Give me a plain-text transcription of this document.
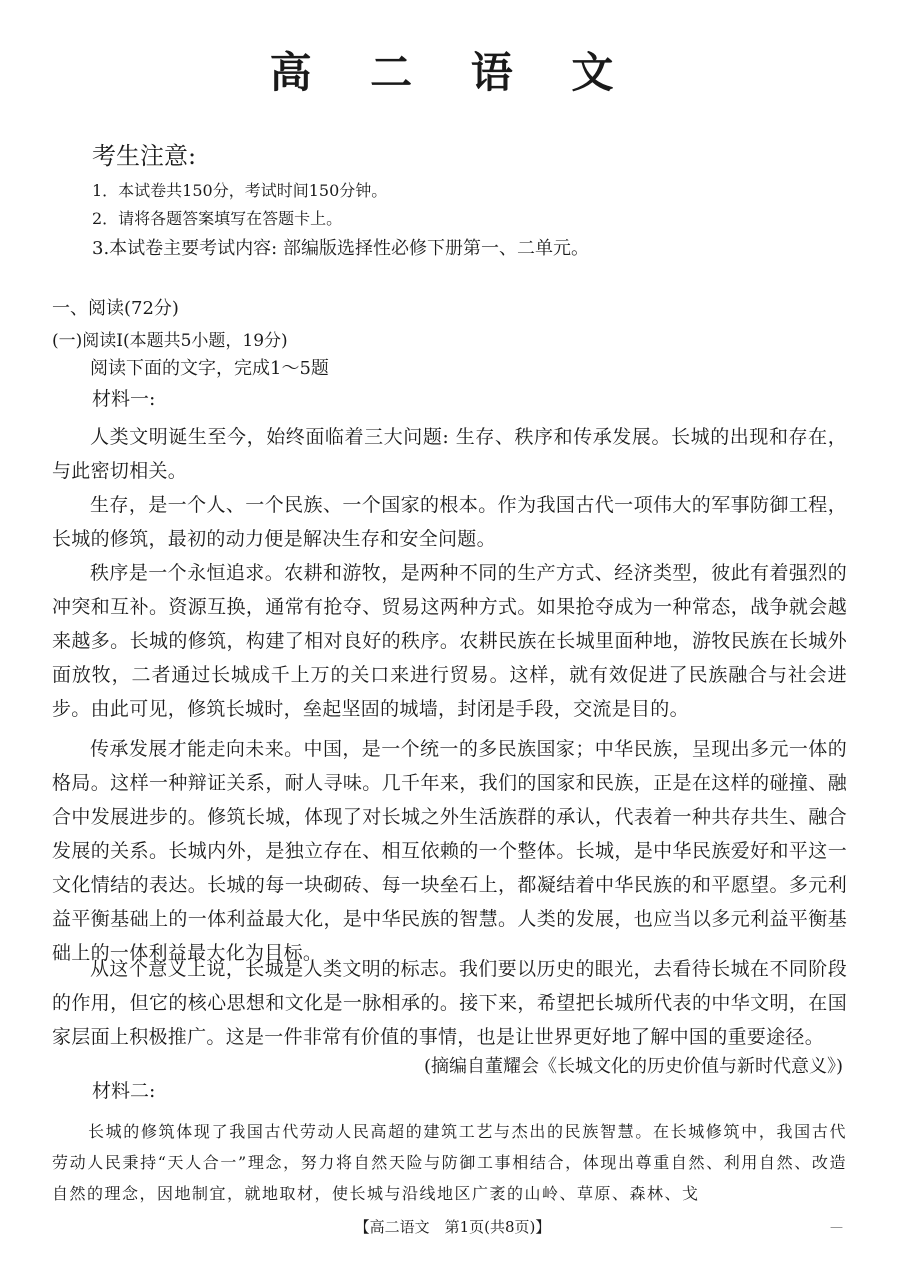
高 二 语 文
考生注意:
1．本试卷共150分，考试时间150分钟。
2．请将各题答案填写在答题卡上。
3.本试卷主要考试内容: 部编版选择性必修下册第一、二单元。
一、阅读(72分)
(一)阅读I(本题共5小题，19分)
阅读下面的文字，完成1～5题
材料一:
人类文明诞生至今，始终面临着三大问题: 生存、秩序和传承发展。长城的出现和存在，与此密切相关。
生存，是一个人、一个民族、一个国家的根本。作为我国古代一项伟大的军事防御工程，长城的修筑，最初的动力便是解决生存和安全问题。
秩序是一个永恒追求。农耕和游牧，是两种不同的生产方式、经济类型，彼此有着强烈的冲突和互补。资源互换，通常有抢夺、贸易这两种方式。如果抢夺成为一种常态，战争就会越来越多。长城的修筑，构建了相对良好的秩序。农耕民族在长城里面种地，游牧民族在长城外面放牧，二者通过长城成千上万的关口来进行贸易。这样，就有效促进了民族融合与社会进步。由此可见，修筑长城时，垒起坚固的城墙，封闭是手段，交流是目的。
传承发展才能走向未来。中国，是一个统一的多民族国家；中华民族，呈现出多元一体的格局。这样一种辩证关系，耐人寻味。几千年来，我们的国家和民族，正是在这样的碰撞、融合中发展进步的。修筑长城，体现了对长城之外生活族群的承认，代表着一种共存共生、融合发展的关系。长城内外，是独立存在、相互依赖的一个整体。长城，是中华民族爱好和平这一文化情结的表达。长城的每一块砌砖、每一块垒石上，都凝结着中华民族的和平愿望。多元利益平衡基础上的一体利益最大化，是中华民族的智慧。人类的发展，也应当以多元利益平衡基础上的一体利益最大化为目标。
从这个意义上说，长城是人类文明的标志。我们要以历史的眼光，去看待长城在不同阶段的作用，但它的核心思想和文化是一脉相承的。接下来，希望把长城所代表的中华文明，在国家层面上积极推广。这是一件非常有价值的事情，也是让世界更好地了解中国的重要途径。
(摘编自董耀会《长城文化的历史价值与新时代意义》)
材料二:
长城的修筑体现了我国古代劳动人民高超的建筑工艺与杰出的民族智慧。在长城修筑中，我国古代劳动人民秉持“天人合一”理念，努力将自然天险与防御工事相结合，体现出尊重自然、利用自然、改造自然的理念，因地制宜，就地取材，使长城与沿线地区广袤的山岭、草原、森林、戈
【高二语文　第1页(共8页)】	—
